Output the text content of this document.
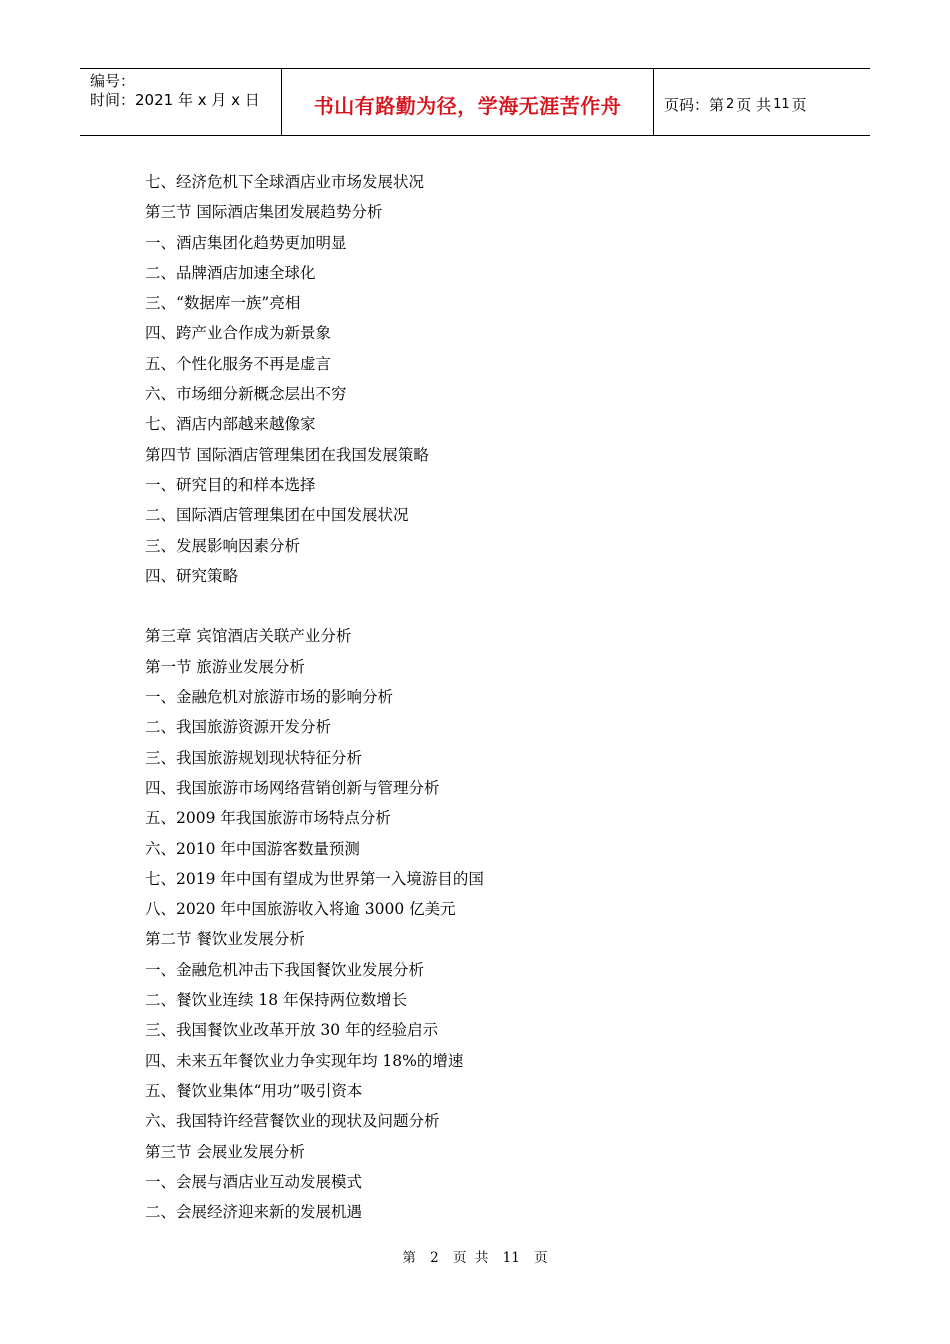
编号：
时间：2021 年 x 月 x 日	书山有路勤为径，学海无涯苦作舟	页码：第 2 页 共 11 页
七、经济危机下全球酒店业市场发展状况
第三节 国际酒店集团发展趋势分析
一、酒店集团化趋势更加明显
二、品牌酒店加速全球化
三、“数据库一族”亮相
四、跨产业合作成为新景象
五、个性化服务不再是虚言
六、市场细分新概念层出不穷
七、酒店内部越来越像家
第四节 国际酒店管理集团在我国发展策略
一、研究目的和样本选择
二、国际酒店管理集团在中国发展状况
三、发展影响因素分析
四、研究策略
第三章 宾馆酒店关联产业分析
第一节 旅游业发展分析
一、金融危机对旅游市场的影响分析
二、我国旅游资源开发分析
三、我国旅游规划现状特征分析
四、我国旅游市场网络营销创新与管理分析
五、2009 年我国旅游市场特点分析
六、2010 年中国游客数量预测
七、2019 年中国有望成为世界第一入境游目的国
八、2020 年中国旅游收入将逾 3000 亿美元
第二节 餐饮业发展分析
一、金融危机冲击下我国餐饮业发展分析
二、餐饮业连续 18 年保持两位数增长
三、我国餐饮业改革开放 30 年的经验启示
四、未来五年餐饮业力争实现年均 18%的增速
五、餐饮业集体“用功”吸引资本
六、我国特许经营餐饮业的现状及问题分析
第三节 会展业发展分析
一、会展与酒店业互动发展模式
二、会展经济迎来新的发展机遇
第 2 页 共 11 页
